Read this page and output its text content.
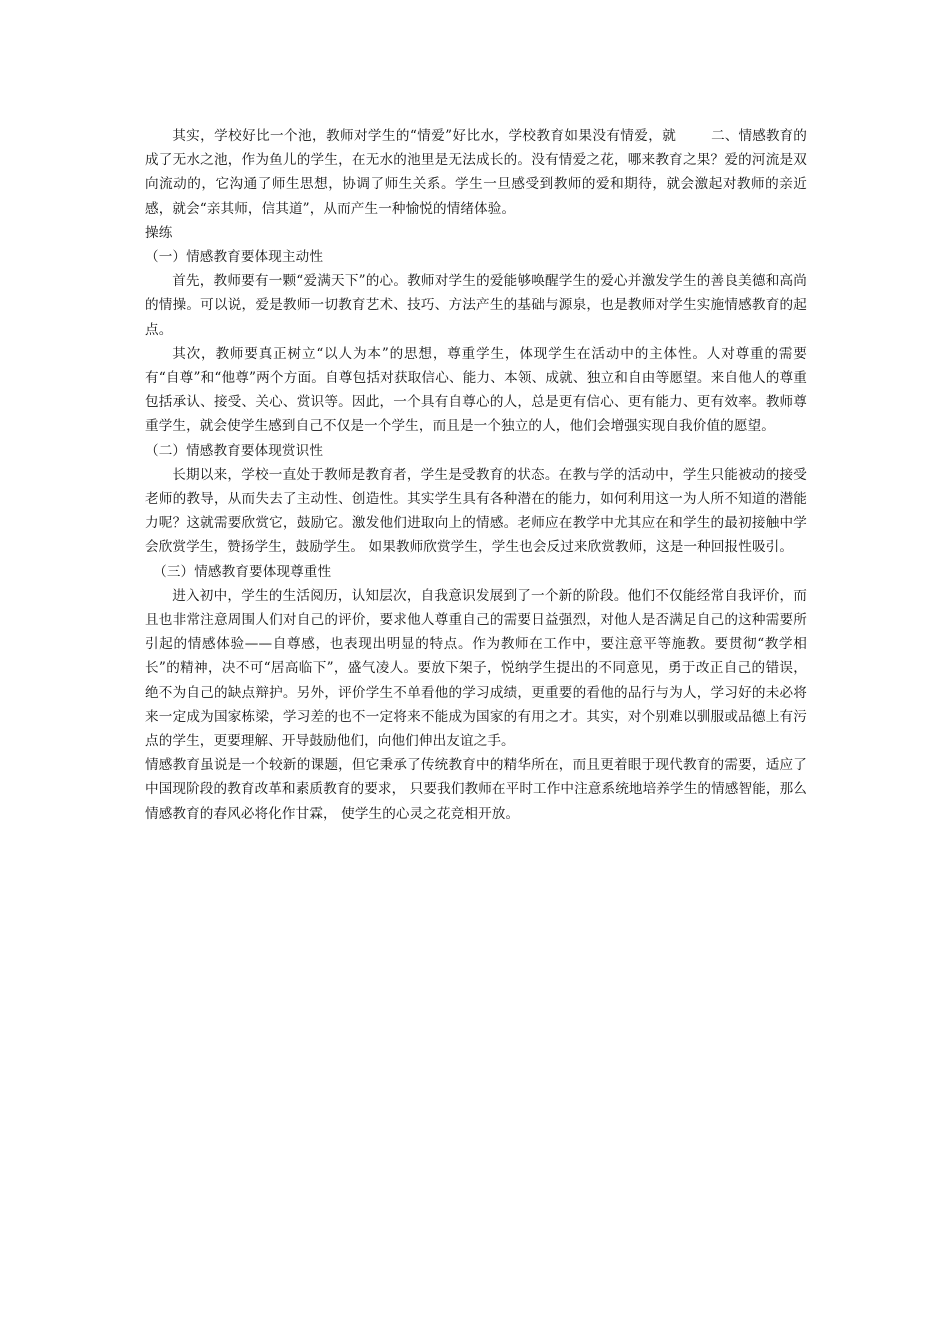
二、情感教育的
其实，学校好比一个池，教师对学生的“情爱”好比水，学校教育如果没有情爱，就成了无水之池，作为鱼儿的学生，在无水的池里是无法成长的。没有情爱之花，哪来教育之果？爱的河流是双向流动的，它沟通了师生思想，协调了师生关系。学生一旦感受到教师的爱和期待，就会激起对教师的亲近感，就会“亲其师，信其道”，从而产生一种愉悦的情绪体验。

操练

（一）情感教育要体现主动性

首先，教师要有一颗“爱满天下”的心。教师对学生的爱能够唤醒学生的爱心并激发学生的善良美德和高尚的情操。可以说，爱是教师一切教育艺术、技巧、方法产生的基础与源泉，也是教师对学生实施情感教育的起点。

其次，教师要真正树立“以人为本”的思想，尊重学生，体现学生在活动中的主体性。人对尊重的需要有“自尊”和“他尊”两个方面。自尊包括对获取信心、能力、本领、成就、独立和自由等愿望。来自他人的尊重包括承认、接受、关心、赏识等。因此，一个具有自尊心的人，总是更有信心、更有能力、更有效率。教师尊重学生，就会使学生感到自己不仅是一个学生，而且是一个独立的人，他们会增强实现自我价值的愿望。

（二）情感教育要体现赏识性

长期以来，学校一直处于教师是教育者，学生是受教育的状态。在教与学的活动中，学生只能被动的接受老师的教导，从而失去了主动性、创造性。其实学生具有各种潜在的能力，如何利用这一为人所不知道的潜能力呢？这就需要欣赏它，鼓励它。激发他们进取向上的情感。老师应在教学中尤其应在和学生的最初接触中学会欣赏学生，赞扬学生，鼓励学生。 如果教师欣赏学生，学生也会反过来欣赏教师，这是一种回报性吸引。

（三）情感教育要体现尊重性

进入初中，学生的生活阅历，认知层次，自我意识发展到了一个新的阶段。他们不仅能经常自我评价，而且也非常注意周围人们对自己的评价，要求他人尊重自己的需要日益强烈，对他人是否满足自己的这种需要所引起的情感体验——自尊感，也表现出明显的特点。作为教师在工作中，要注意平等施教。要贯彻“教学相长”的精神，决不可“居高临下”，盛气凌人。要放下架子，悦纳学生提出的不同意见，勇于改正自己的错误，绝不为自己的缺点辩护。另外，评价学生不单看他的学习成绩，更重要的看他的品行与为人，学习好的未必将来一定成为国家栋梁，学习差的也不一定将来不能成为国家的有用之才。其实，对个别难以驯服或品德上有污点的学生，更要理解、开导鼓励他们，向他们伸出友谊之手。

情感教育虽说是一个较新的课题，但它秉承了传统教育中的精华所在，而且更着眼于现代教育的需要，适应了中国现阶段的教育改革和素质教育的要求， 只要我们教师在平时工作中注意系统地培养学生的情感智能，那么情感教育的春风必将化作甘霖， 使学生的心灵之花竞相开放。
